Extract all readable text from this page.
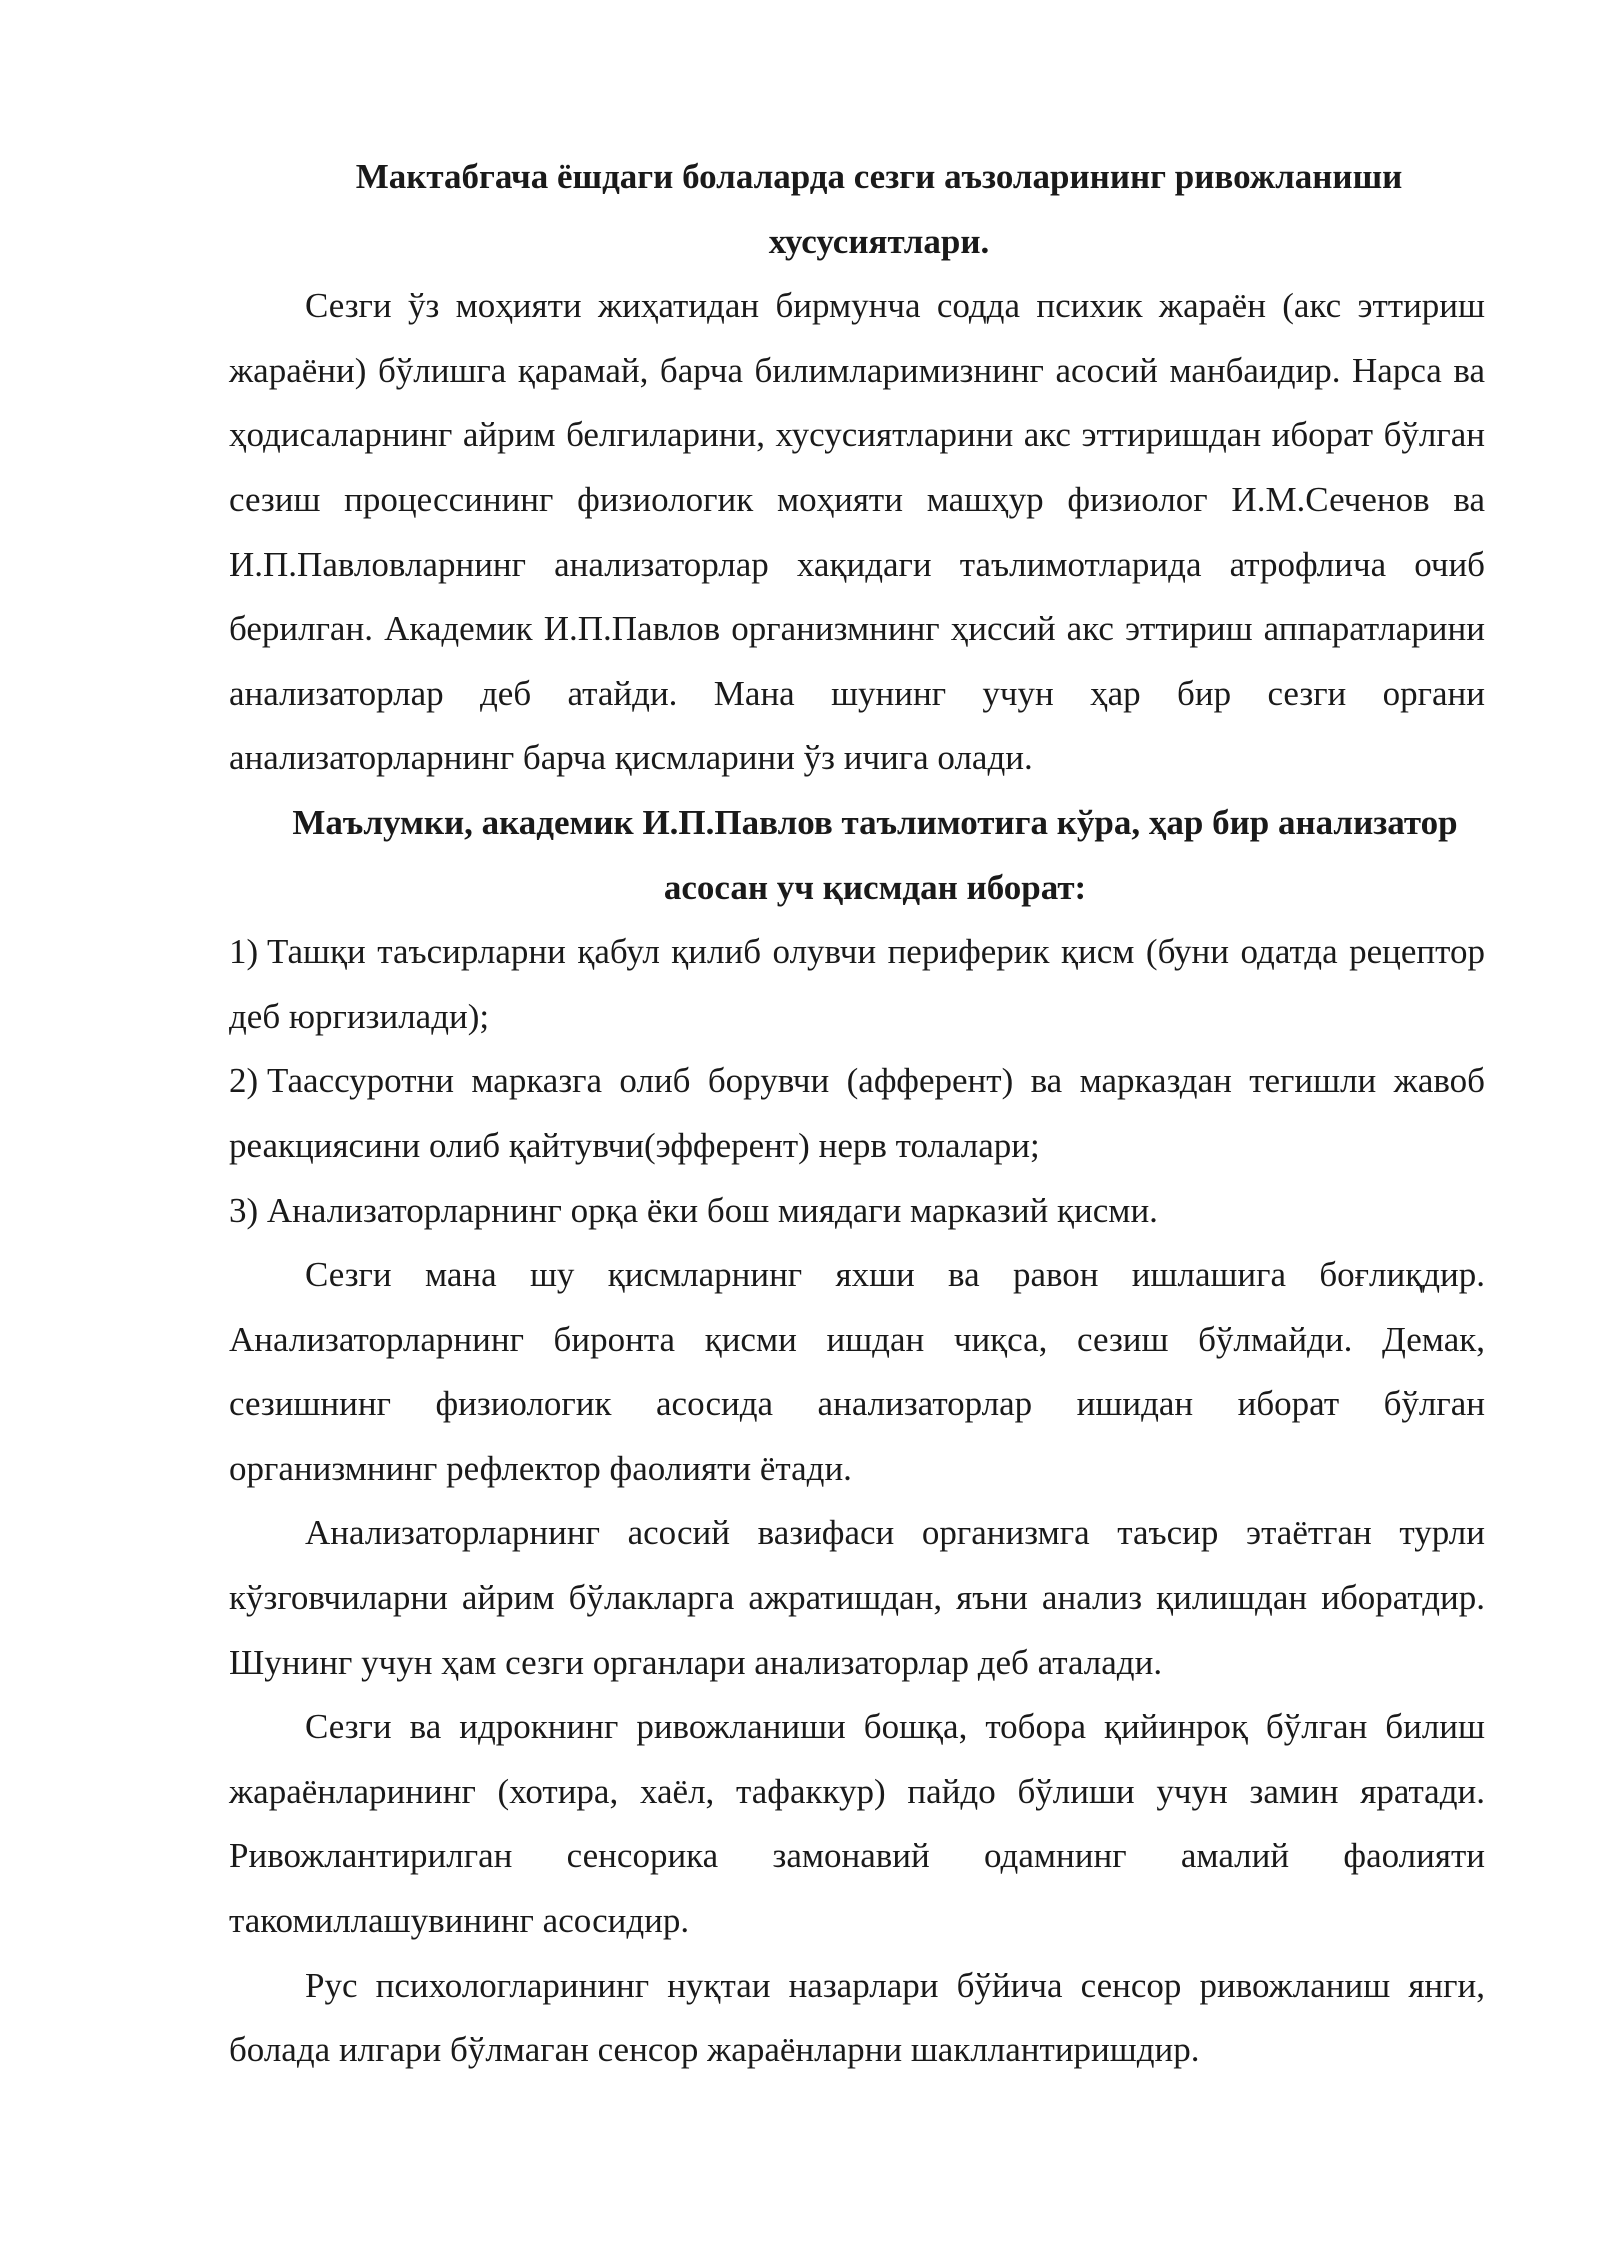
Мактабгача ёшдаги болаларда сезги аъзоларининг ривожланиши хусусиятлари.

Сезги ўз моҳияти жиҳатидан бирмунча содда психик жараён (акс эттириш жараёни) бўлишга қарамай, барча билимларимизнинг асосий манбаидир. Нарса ва ҳодисаларнинг айрим белгиларини, хусусиятларини акс эттиришдан иборат бўлган сезиш процессининг физиологик моҳияти машҳур физиолог И.М.Сеченов ва И.П.Павловларнинг анализаторлар хақидаги таълимотларида атрофлича очиб берилган. Академик И.П.Павлов организмнинг ҳиссий акс эттириш аппаратларини анализаторлар деб атайди. Мана шунинг учун ҳар бир сезги органи анализаторларнинг барча қисмларини ўз ичига олади.

Маълумки, академик И.П.Павлов таълимотига кўра, ҳар бир анализатор асосан уч қисмдан иборат:

1) Ташқи таъсирларни қабул қилиб олувчи периферик қисм (буни одатда рецептор деб юргизилади);

2) Таассуротни марказга олиб борувчи (афферент) ва марказдан тегишли жавоб реакциясини олиб қайтувчи(эфферент) нерв толалари;

3) Анализаторларнинг орқа ёки бош миядаги марказий қисми.

Сезги мана шу қисмларнинг яхши ва равон ишлашига боғлиқдир. Анализаторларнинг биронта қисми ишдан чиқса, сезиш бўлмайди. Демак, сезишнинг физиологик асосида анализаторлар ишидан иборат бўлган организмнинг рефлектор фаолияти ётади.

Анализаторларнинг асосий вазифаси организмга таъсир этаётган турли кўзговчиларни айрим бўлакларга ажратишдан, яъни анализ қилишдан иборатдир. Шунинг учун ҳам сезги органлари анализаторлар деб аталади.

Сезги ва идрокнинг ривожланиши бошқа, тобора қийинроқ бўлган билиш жараёнларининг (хотира, хаёл, тафаккур) пайдо бўлиши учун замин яратади. Ривожлантирилган сенсорика замонавий одамнинг амалий фаолияти такомиллашувининг асосидир.

Рус психологларининг нуқтаи назарлари бўйича сенсор ривожланиш янги, болада илгари бўлмаган сенсор жараёнларни шакллантиришдир.
